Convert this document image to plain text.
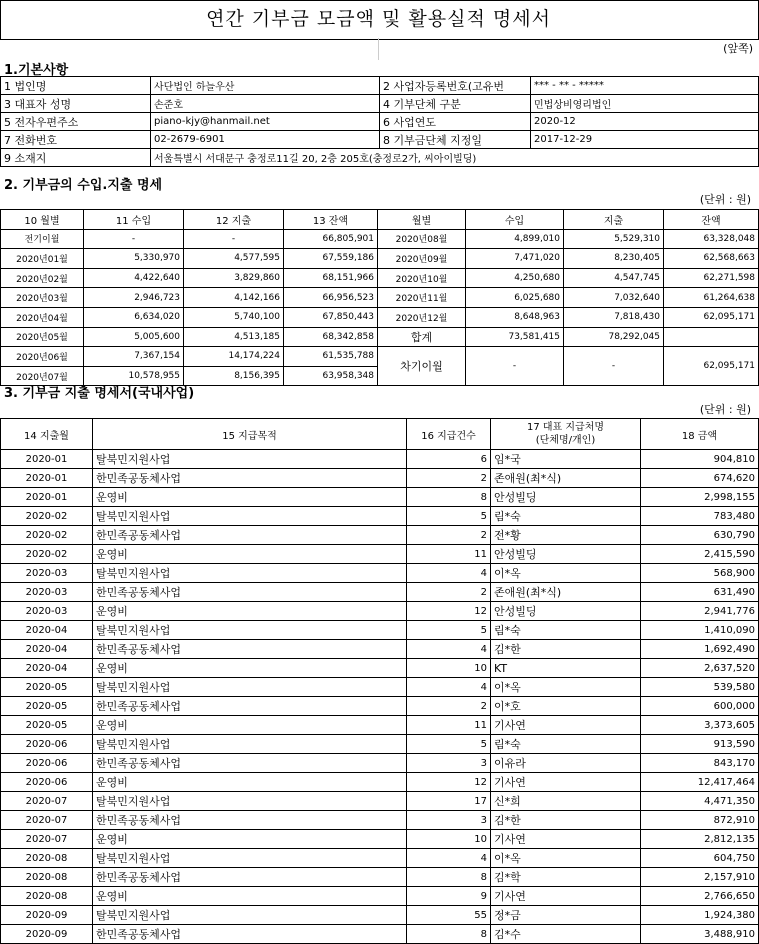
연간 기부금 모금액 및 활용실적 명세서
(앞쪽)
1.기본사항
1 법인명	사단법인 하늘우산	2 사업자등록번호(고유번	*** - ** - *****
3 대표자 성명	손준호	4 기부단체 구분	민법상비영리법인
5 전자우편주소	piano-kjy@hanmail.net	6 사업연도	2020-12
7 전화번호	02-2679-6901	8 기부금단체 지정일	2017-12-29
9 소재지	서울특별시 서대문구 충정로11길 20, 2층 205호(충정로2가, 씨아이빌딩)		
2. 기부금의 수입.지출 명세
(단위 : 원)
10 월별	11 수입	12 지출	13 잔액	월별	수입	지출	잔액
전기이월	-	-	66,805,901	2020년08월	4,899,010	5,529,310	63,328,048
2020년01월	5,330,970	4,577,595	67,559,186	2020년09월	7,471,020	8,230,405	62,568,663
2020년02월	4,422,640	3,829,860	68,151,966	2020년10월	4,250,680	4,547,745	62,271,598
2020년03월	2,946,723	4,142,166	66,956,523	2020년11월	6,025,680	7,032,640	61,264,638
2020년04월	6,634,020	5,740,100	67,850,443	2020년12월	8,648,963	7,818,430	62,095,171
2020년05월	5,005,600	4,513,185	68,342,858	합계	73,581,415	78,292,045	
2020년06월	7,367,154	14,174,224	61,535,788	차기이월	-	-	62,095,171
2020년07월	10,578,955	8,156,395	63,958,348				
3. 기부금 지출 명세서(국내사업)
(단위 : 원)
14 지출월	15 지급목적	16 지급건수	17 대표 지급처명
(단체명/개인)	18 금액
2020-01	탈북민지원사업	6	임*국	904,810
2020-01	한민족공동체사업	2	존애원(최*식)	674,620
2020-01	운영비	8	안성빌딩	2,998,155
2020-02	탈북민지원사업	5	림*숙	783,480
2020-02	한민족공동체사업	2	전*황	630,790
2020-02	운영비	11	안성빌딩	2,415,590
2020-03	탈북민지원사업	4	이*옥	568,900
2020-03	한민족공동체사업	2	존애원(최*식)	631,490
2020-03	운영비	12	안성빌딩	2,941,776
2020-04	탈북민지원사업	5	림*숙	1,410,090
2020-04	한민족공동체사업	4	김*한	1,692,490
2020-04	운영비	10	KT	2,637,520
2020-05	탈북민지원사업	4	이*옥	539,580
2020-05	한민족공동체사업	2	이*호	600,000
2020-05	운영비	11	기사연	3,373,605
2020-06	탈북민지원사업	5	림*숙	913,590
2020-06	한민족공동체사업	3	이유라	843,170
2020-06	운영비	12	기사연	12,417,464
2020-07	탈북민지원사업	17	신*희	4,471,350
2020-07	한민족공동체사업	3	김*한	872,910
2020-07	운영비	10	기사연	2,812,135
2020-08	탈북민지원사업	4	이*옥	604,750
2020-08	한민족공동체사업	8	김*학	2,157,910
2020-08	운영비	9	기사연	2,766,650
2020-09	탈북민지원사업	55	정*금	1,924,380
2020-09	한민족공동체사업	8	김*수	3,488,910
